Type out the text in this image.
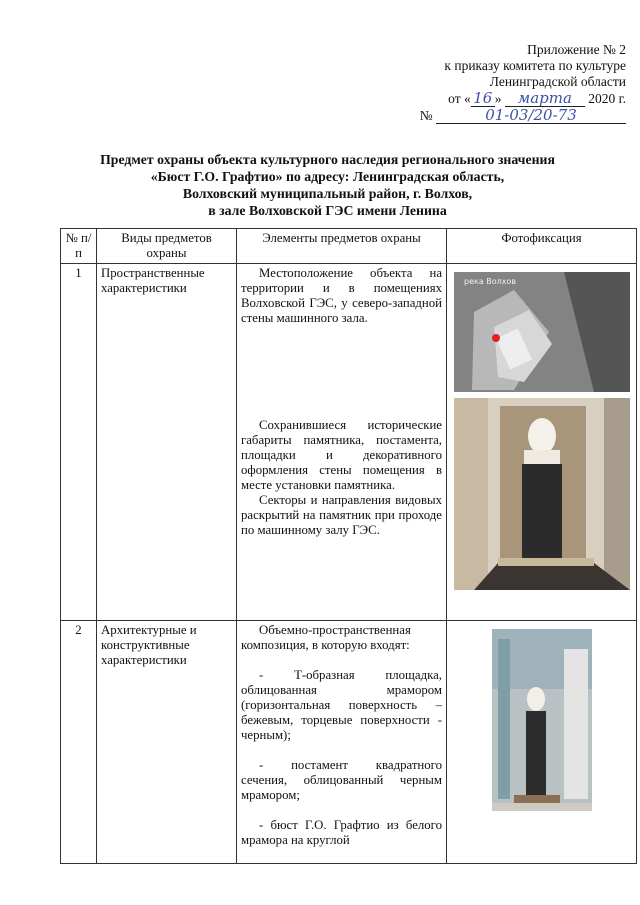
Приложение № 2
к приказу комитета по культуре
Ленинградской области
от « 16 » марта 2020 г.
№	01-03/20-73
Предмет охраны объекта культурного наследия регионального значения
«Бюст Г.О. Графтио» по адресу: Ленинградская область,
Волховский муниципальный район, г. Волхов,
в зале Волховской ГЭС имени Ленина
№ п/п	Виды предметов охраны	Элементы предметов охраны	Фотофиксация
1	Пространственные характеристики	Местоположение объекта на территории и в помещениях Волховской ГЭС, у северо-западной стены машинного зала.

Сохранившиеся исторические габариты памятника, постамента, площадки и декоративного оформления стены помещения в месте установки памятника.

Секторы и направления видовых раскрытий на памятник при проходе по машинному залу ГЭС.	река Волхов

2	Архитектурные и конструктивные характеристики	Объемно-пространственная композиция, в которую входят:

- Т-образная площадка, облицованная мрамором (горизонтальная поверхность – бежевым, торцевые поверхности - черным);

- постамент квадратного сечения, облицованный черным мрамором;

- бюст Г.О. Графтио из белого мрамора на круглой
